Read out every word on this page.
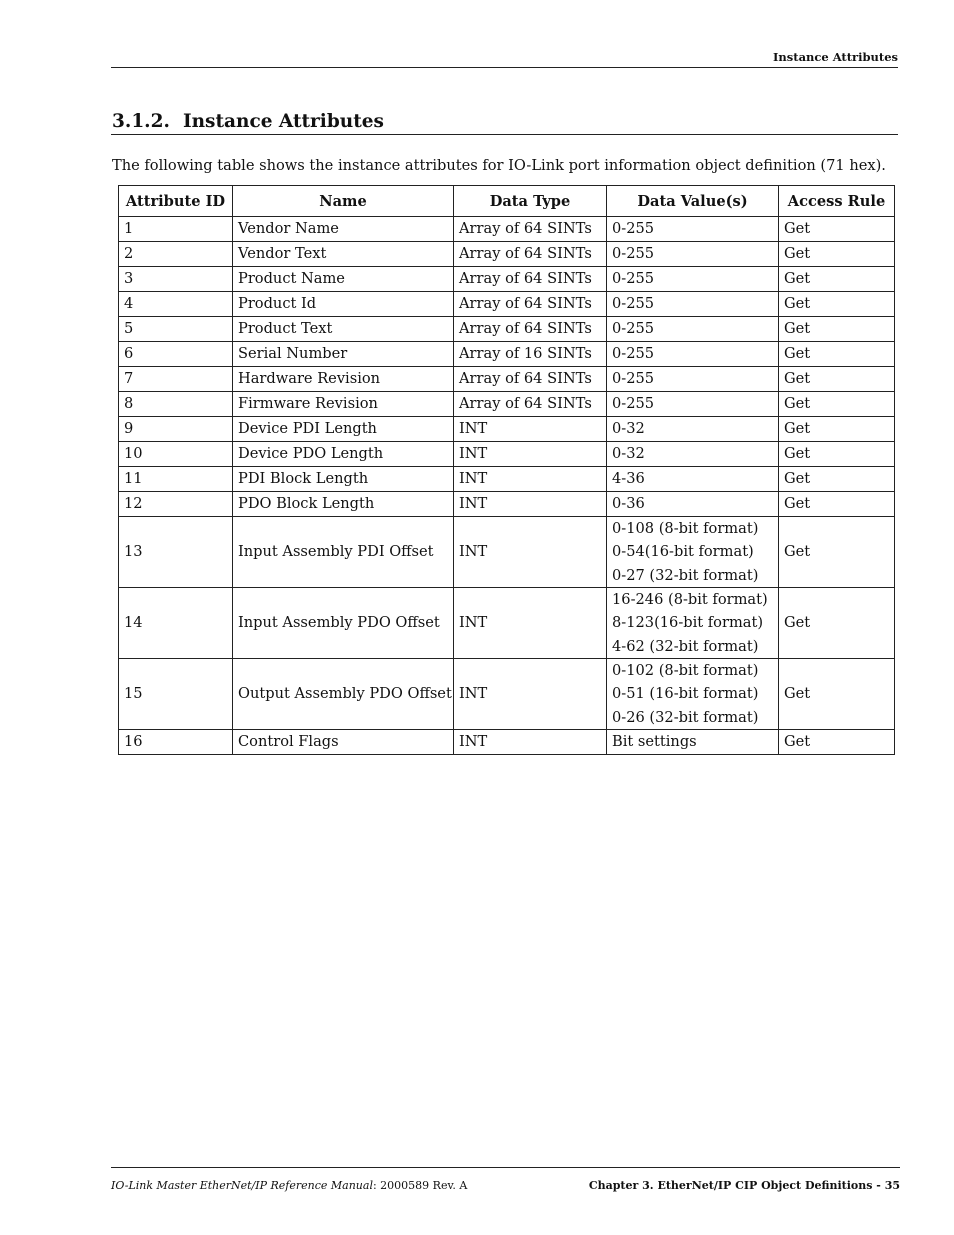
Instance Attributes
3.1.2. Instance Attributes
The following table shows the instance attributes for IO-Link port information object definition (71 hex).
Attribute ID	Name	Data Type	Data Value(s)	Access Rule
1	Vendor Name	Array of 64 SINTs	0-255	Get
2	Vendor Text	Array of 64 SINTs	0-255	Get
3	Product Name	Array of 64 SINTs	0-255	Get
4	Product Id	Array of 64 SINTs	0-255	Get
5	Product Text	Array of 64 SINTs	0-255	Get
6	Serial Number	Array of 16 SINTs	0-255	Get
7	Hardware Revision	Array of 64 SINTs	0-255	Get
8	Firmware Revision	Array of 64 SINTs	0-255	Get
9	Device PDI Length	INT	0-32	Get
10	Device PDO Length	INT	0-32	Get
11	PDI Block Length	INT	4-36	Get
12	PDO Block Length	INT	0-36	Get
13	Input Assembly PDI Offset	INT	0-108 (8-bit format)
0-54(16-bit format)
0-27 (32-bit format)	Get
14	Input Assembly PDO Offset	INT	16-246 (8-bit format)
8-123(16-bit format)
4-62 (32-bit format)	Get
15	Output Assembly PDO Offset	INT	0-102 (8-bit format)
0-51 (16-bit format)
0-26 (32-bit format)	Get
16	Control Flags	INT	Bit settings	Get
IO-Link Master EtherNet/IP Reference Manual: 2000589 Rev. A	Chapter 3. EtherNet/IP CIP Object Definitions - 35
